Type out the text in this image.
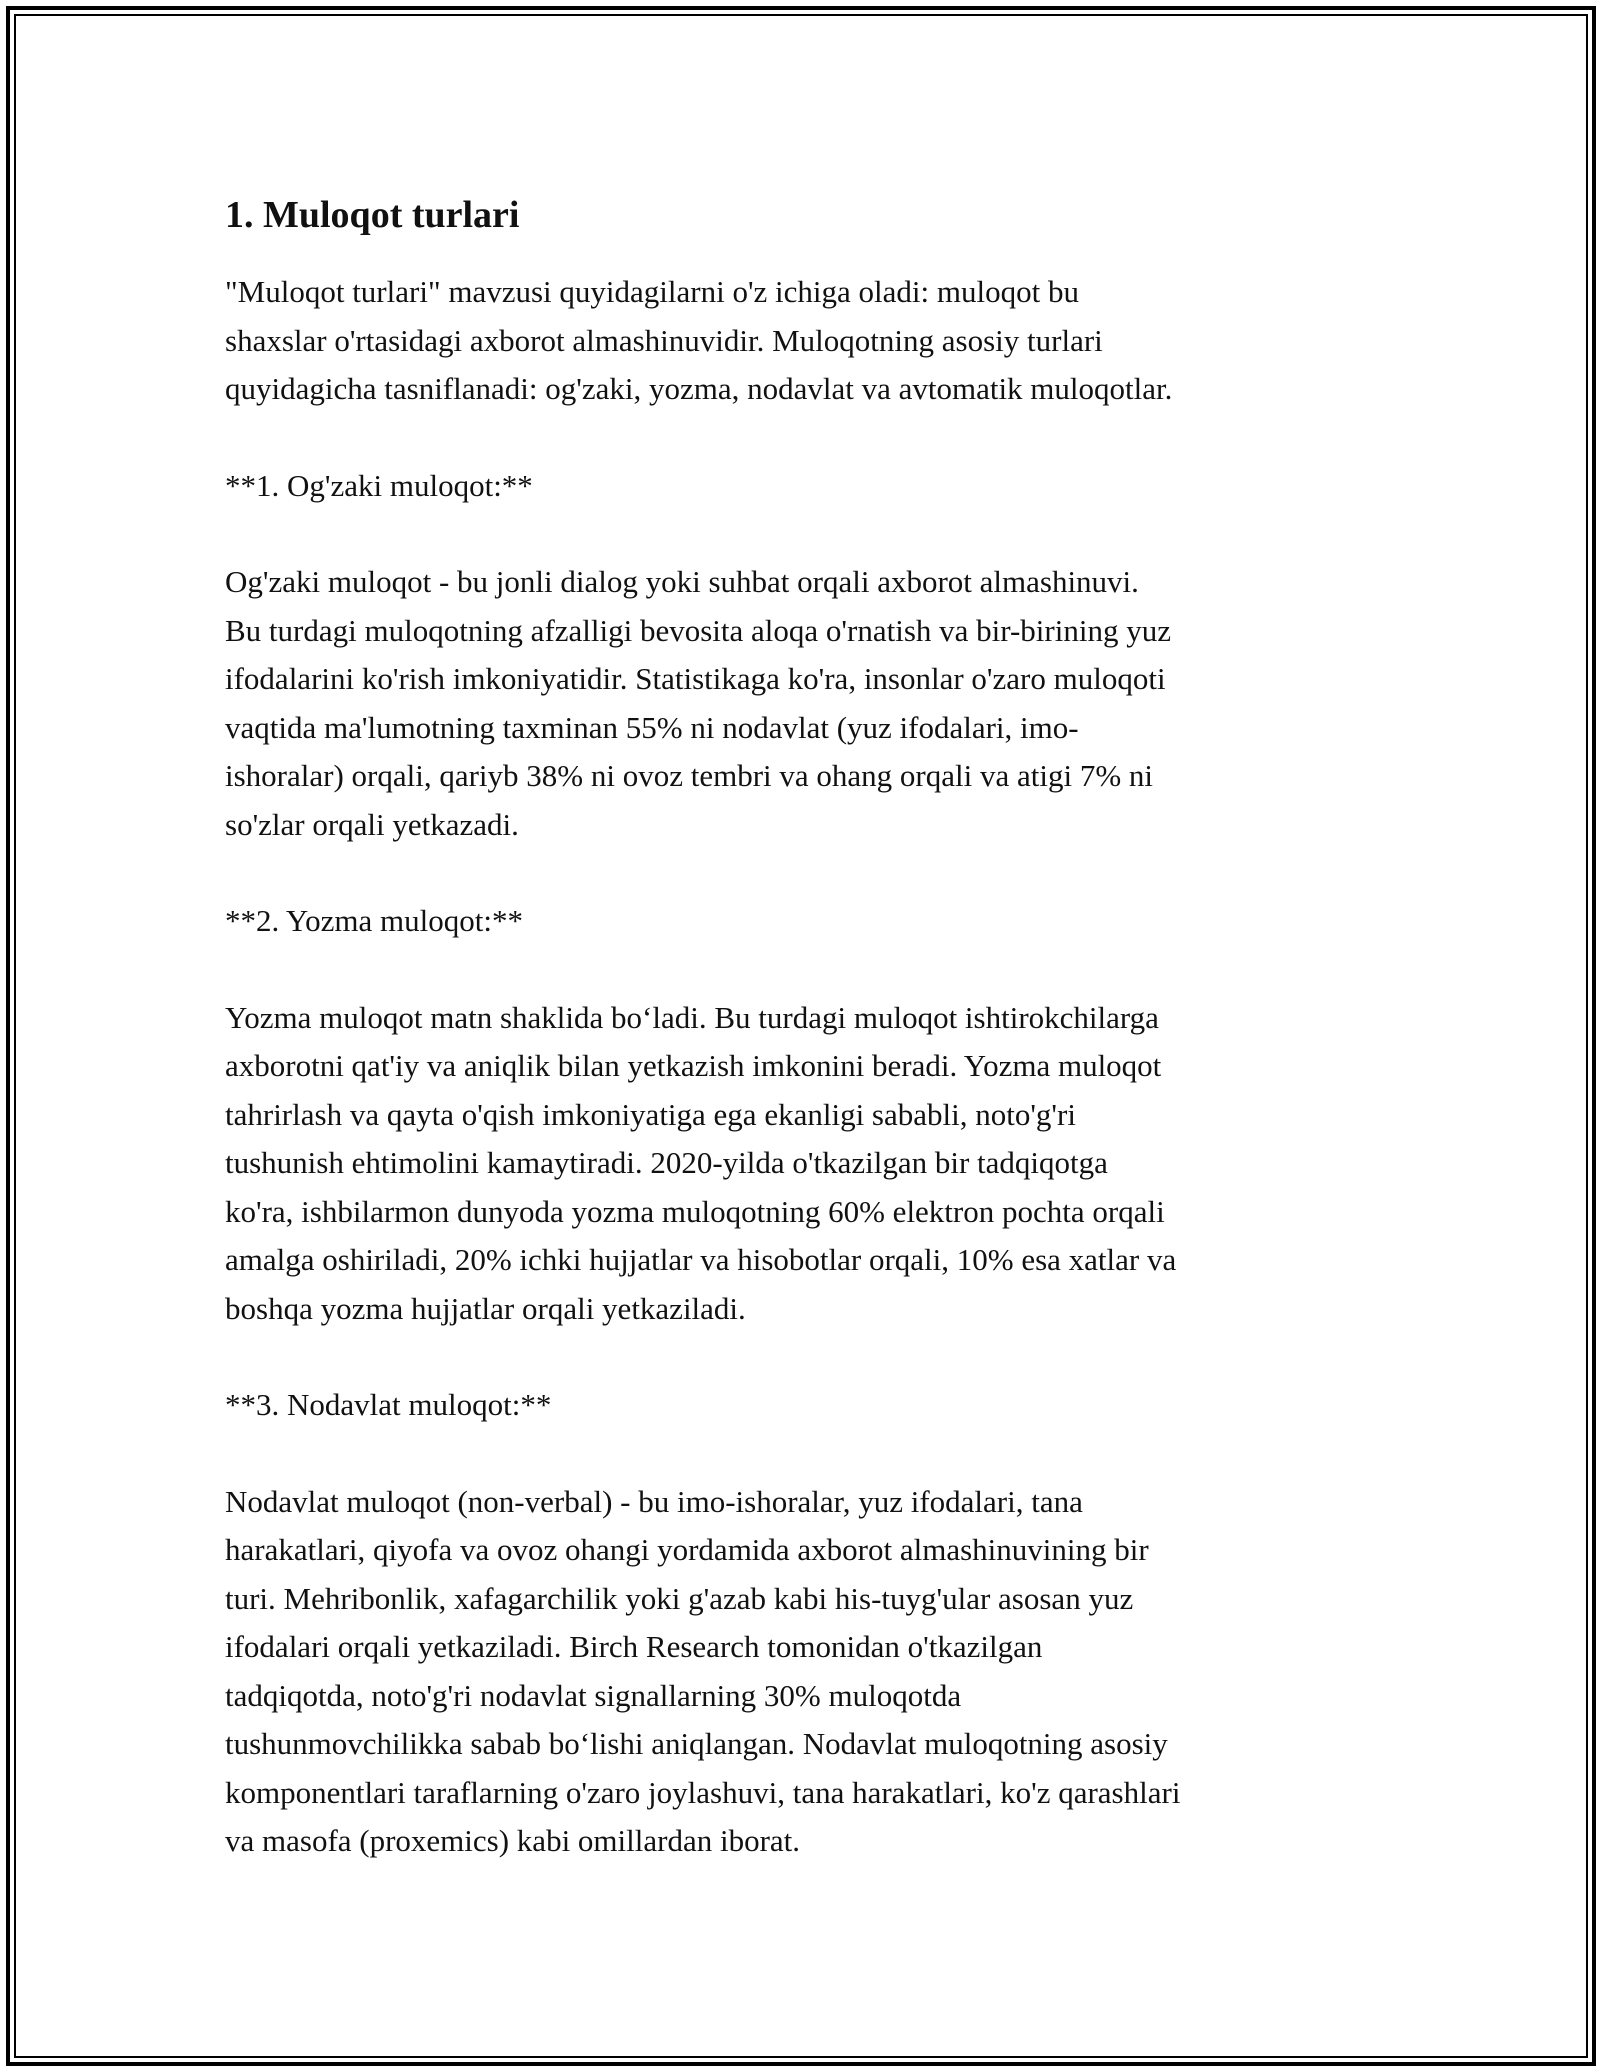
1. Muloqot turlari
"Muloqot turlari" mavzusi quyidagilarni o'z ichiga oladi: muloqot bu
shaxslar o'rtasidagi axborot almashinuvidir. Muloqotning asosiy turlari
quyidagicha tasniflanadi: og'zaki, yozma, nodavlat va avtomatik muloqotlar.
**1. Og'zaki muloqot:**
Og'zaki muloqot - bu jonli dialog yoki suhbat orqali axborot almashinuvi.
Bu turdagi muloqotning afzalligi bevosita aloqa o'rnatish va bir-birining yuz
ifodalarini ko'rish imkoniyatidir. Statistikaga ko'ra, insonlar o'zaro muloqoti
vaqtida ma'lumotning taxminan 55% ni nodavlat (yuz ifodalari, imo-
ishoralar) orqali, qariyb 38% ni ovoz tembri va ohang orqali va atigi 7% ni
so'zlar orqali yetkazadi.
**2. Yozma muloqot:**
Yozma muloqot matn shaklida bo‘ladi. Bu turdagi muloqot ishtirokchilarga
axborotni qat'iy va aniqlik bilan yetkazish imkonini beradi. Yozma muloqot
tahrirlash va qayta o'qish imkoniyatiga ega ekanligi sababli, noto'g'ri
tushunish ehtimolini kamaytiradi. 2020-yilda o'tkazilgan bir tadqiqotga
ko'ra, ishbilarmon dunyoda yozma muloqotning 60% elektron pochta orqali
amalga oshiriladi, 20% ichki hujjatlar va hisobotlar orqali, 10% esa xatlar va
boshqa yozma hujjatlar orqali yetkaziladi.
**3. Nodavlat muloqot:**
Nodavlat muloqot (non-verbal) - bu imo-ishoralar, yuz ifodalari, tana
harakatlari, qiyofa va ovoz ohangi yordamida axborot almashinuvining bir
turi. Mehribonlik, xafagarchilik yoki g'azab kabi his-tuyg'ular asosan yuz
ifodalari orqali yetkaziladi. Birch Research tomonidan o'tkazilgan
tadqiqotda, noto'g'ri nodavlat signallarning 30% muloqotda
tushunmovchilikka sabab bo‘lishi aniqlangan. Nodavlat muloqotning asosiy
komponentlari taraflarning o'zaro joylashuvi, tana harakatlari, ko'z qarashlari
va masofa (proxemics) kabi omillardan iborat.
